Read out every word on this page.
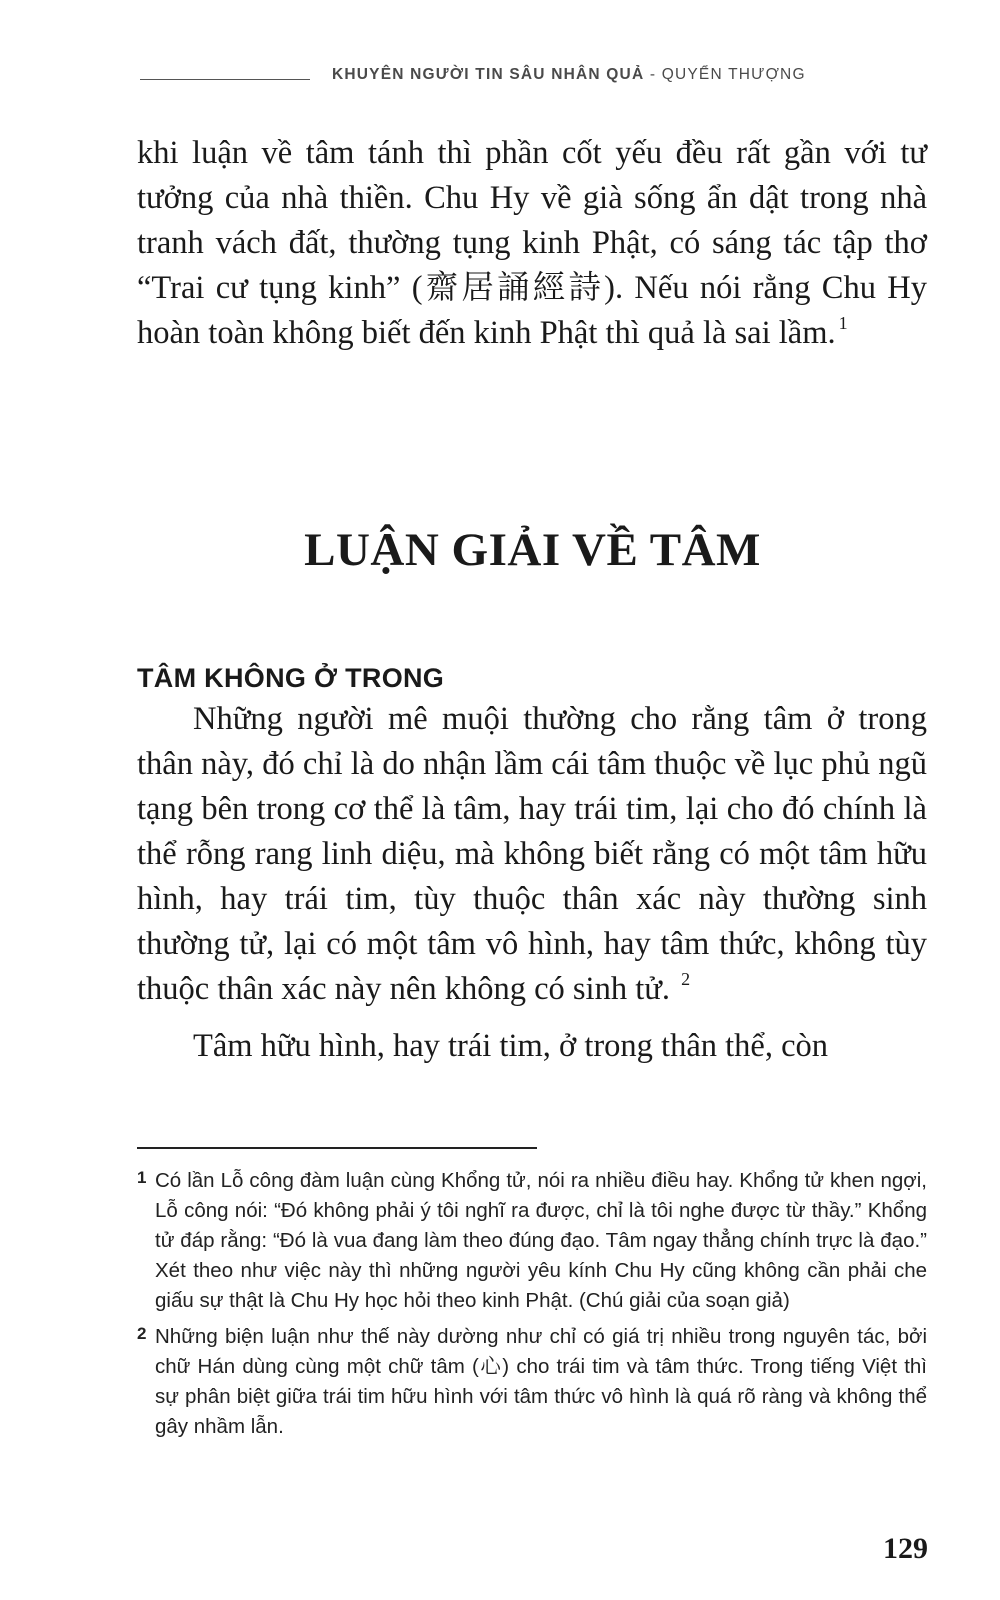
KHUYÊN NGƯỜI TIN SÂU NHÂN QUẢ - QUYỂN THƯỢNG

khi luận về tâm tánh thì phần cốt yếu đều rất gần với tư tưởng của nhà thiền. Chu Hy về già sống ẩn dật trong nhà tranh vách đất, thường tụng kinh Phật, có sáng tác tập thơ “Trai cư tụng kinh” (齋居誦經詩). Nếu nói rằng Chu Hy hoàn toàn không biết đến kinh Phật thì quả là sai lầm. $^1$

LUẬN GIẢI VỀ TÂM
TÂM KHÔNG Ở TRONG

Những người mê muội thường cho rằng tâm ở trong thân này, đó chỉ là do nhận lầm cái tâm thuộc về lục phủ ngũ tạng bên trong cơ thể là tâm, hay trái tim, lại cho đó chính là thể rỗng rang linh diệu, mà không biết rằng có một tâm hữu hình, hay trái tim, tùy thuộc thân xác này thường sinh thường tử, lại có một tâm vô hình, hay tâm thức, không tùy thuộc thân xác này nên không có sinh tử. $^2$

Tâm hữu hình, hay trái tim, ở trong thân thể, còn

1 Có lần Lỗ công đàm luận cùng Khổng tử, nói ra nhiều điều hay. Khổng tử khen ngợi, Lỗ công nói: “Đó không phải ý tôi nghĩ ra được, chỉ là tôi nghe được từ thầy.” Khổng tử đáp rằng: “Đó là vua đang làm theo đúng đạo. Tâm ngay thẳng chính trực là đạo.” Xét theo như việc này thì những người yêu kính Chu Hy cũng không cần phải che giấu sự thật là Chu Hy học hỏi theo kinh Phật. (Chú giải của soạn giả)

2 Những biện luận như thế này dường như chỉ có giá trị nhiều trong nguyên tác, bởi chữ Hán dùng cùng một chữ tâm (心) cho trái tim và tâm thức. Trong tiếng Việt thì sự phân biệt giữa trái tim hữu hình với tâm thức vô hình là quá rõ ràng và không thể gây nhầm lẫn.

129
